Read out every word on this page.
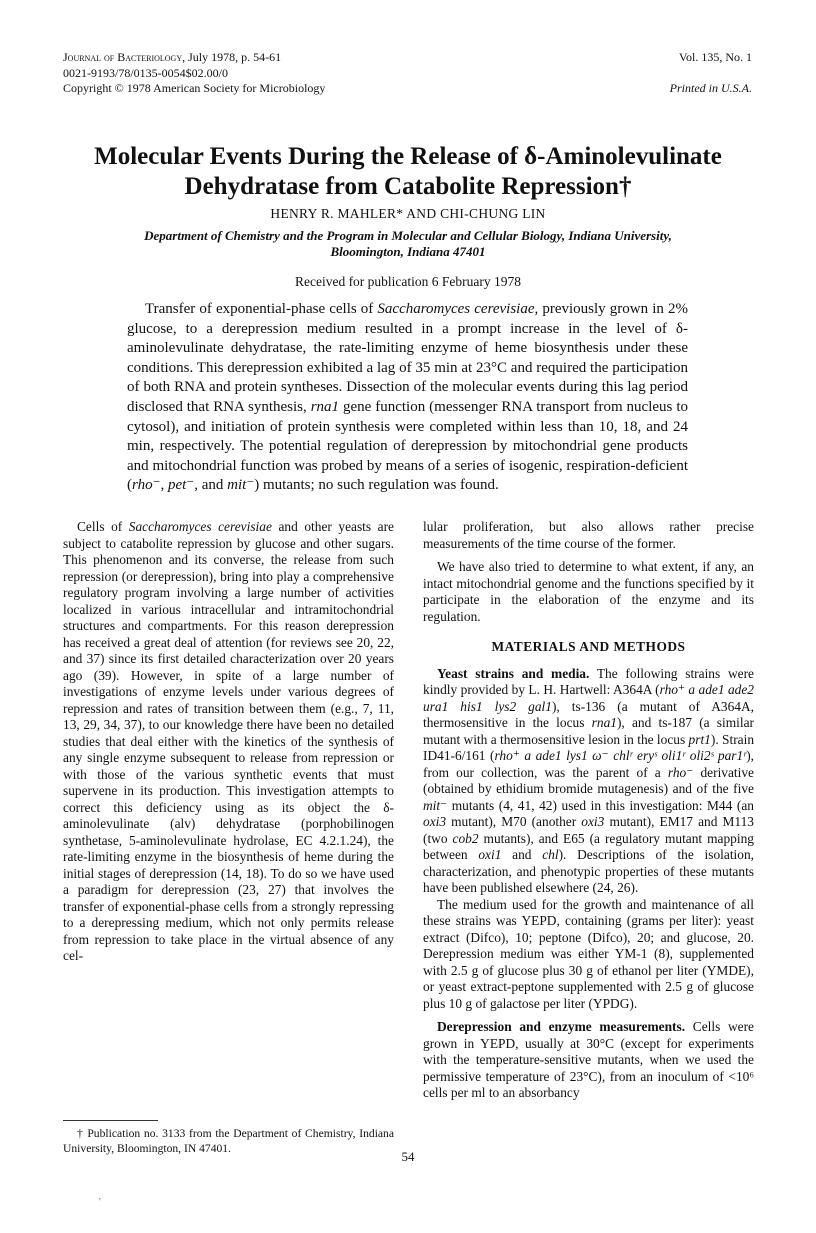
Journal of Bacteriology, July 1978, p. 54-61
0021-9193/78/0135-0054$02.00/0
Copyright © 1978 American Society for Microbiology
Vol. 135, No. 1

Printed in U.S.A.
Molecular Events During the Release of δ-Aminolevulinate
Dehydratase from Catabolite Repression†
HENRY R. MAHLER* AND CHI-CHUNG LIN
Department of Chemistry and the Program in Molecular and Cellular Biology, Indiana University,
Bloomington, Indiana 47401
Received for publication 6 February 1978

Transfer of exponential-phase cells of Saccharomyces cerevisiae, previously grown in 2% glucose, to a derepression medium resulted in a prompt increase in the level of δ-aminolevulinate dehydratase, the rate-limiting enzyme of heme biosynthesis under these conditions. This derepression exhibited a lag of 35 min at 23°C and required the participation of both RNA and protein syntheses. Dissection of the molecular events during this lag period disclosed that RNA synthesis, rna1 gene function (messenger RNA transport from nucleus to cytosol), and initiation of protein synthesis were completed within less than 10, 18, and 24 min, respectively. The potential regulation of derepression by mitochondrial gene products and mitochondrial function was probed by means of a series of isogenic, respiration-deficient (rho⁻, pet⁻, and mit⁻) mutants; no such regulation was found.

Cells of Saccharomyces cerevisiae and other yeasts are subject to catabolite repression by glucose and other sugars. This phenomenon and its converse, the release from such repression (or derepression), bring into play a comprehensive regulatory program involving a large number of activities localized in various intracellular and intramitochondrial structures and compartments. For this reason derepression has received a great deal of attention (for reviews see 20, 22, and 37) since its first detailed characterization over 20 years ago (39). However, in spite of a large number of investigations of enzyme levels under various degrees of repression and rates of transition between them (e.g., 7, 11, 13, 29, 34, 37), to our knowledge there have been no detailed studies that deal either with the kinetics of the synthesis of any single enzyme subsequent to release from repression or with those of the various synthetic events that must supervene in its production. This investigation attempts to correct this deficiency using as its object the δ-aminolevulinate (alv) dehydratase (porphobilinogen synthetase, 5-aminolevulinate hydrolase, EC 4.2.1.24), the rate-limiting enzyme in the biosynthesis of heme during the initial stages of derepression (14, 18). To do so we have used a paradigm for derepression (23, 27) that involves the transfer of exponential-phase cells from a strongly repressing to a derepressing medium, which not only permits release from repression to take place in the virtual absence of any cel-

† Publication no. 3133 from the Department of Chemistry, Indiana University, Bloomington, IN 47401.

lular proliferation, but also allows rather precise measurements of the time course of the former.

We have also tried to determine to what extent, if any, an intact mitochondrial genome and the functions specified by it participate in the elaboration of the enzyme and its regulation.

MATERIALS AND METHODS

Yeast strains and media. The following strains were kindly provided by L. H. Hartwell: A364A (rho⁺ a ade1 ade2 ura1 his1 lys2 gal1), ts-136 (a mutant of A364A, thermosensitive in the locus rna1), and ts-187 (a similar mutant with a thermosensitive lesion in the locus prt1). Strain ID41-6/161 (rho⁺ a ade1 lys1 ω⁻ chlʳ eryˢ oli1ʳ oli2ˢ par1ʳ), from our collection, was the parent of a rho⁻ derivative (obtained by ethidium bromide mutagenesis) and of the five mit⁻ mutants (4, 41, 42) used in this investigation: M44 (an oxi3 mutant), M70 (another oxi3 mutant), EM17 and M113 (two cob2 mutants), and E65 (a regulatory mutant mapping between oxi1 and chl). Descriptions of the isolation, characterization, and phenotypic properties of these mutants have been published elsewhere (24, 26).

The medium used for the growth and maintenance of all these strains was YEPD, containing (grams per liter): yeast extract (Difco), 10; peptone (Difco), 20; and glucose, 20. Derepression medium was either YM-1 (8), supplemented with 2.5 g of glucose plus 30 g of ethanol per liter (YMDE), or yeast extract-peptone supplemented with 2.5 g of glucose plus 10 g of galactose per liter (YPDG).

Derepression and enzyme measurements. Cells were grown in YEPD, usually at 30°C (except for experiments with the temperature-sensitive mutants, when we used the permissive temperature of 23°C), from an inoculum of <10⁶ cells per ml to an absorbancy

54
'
